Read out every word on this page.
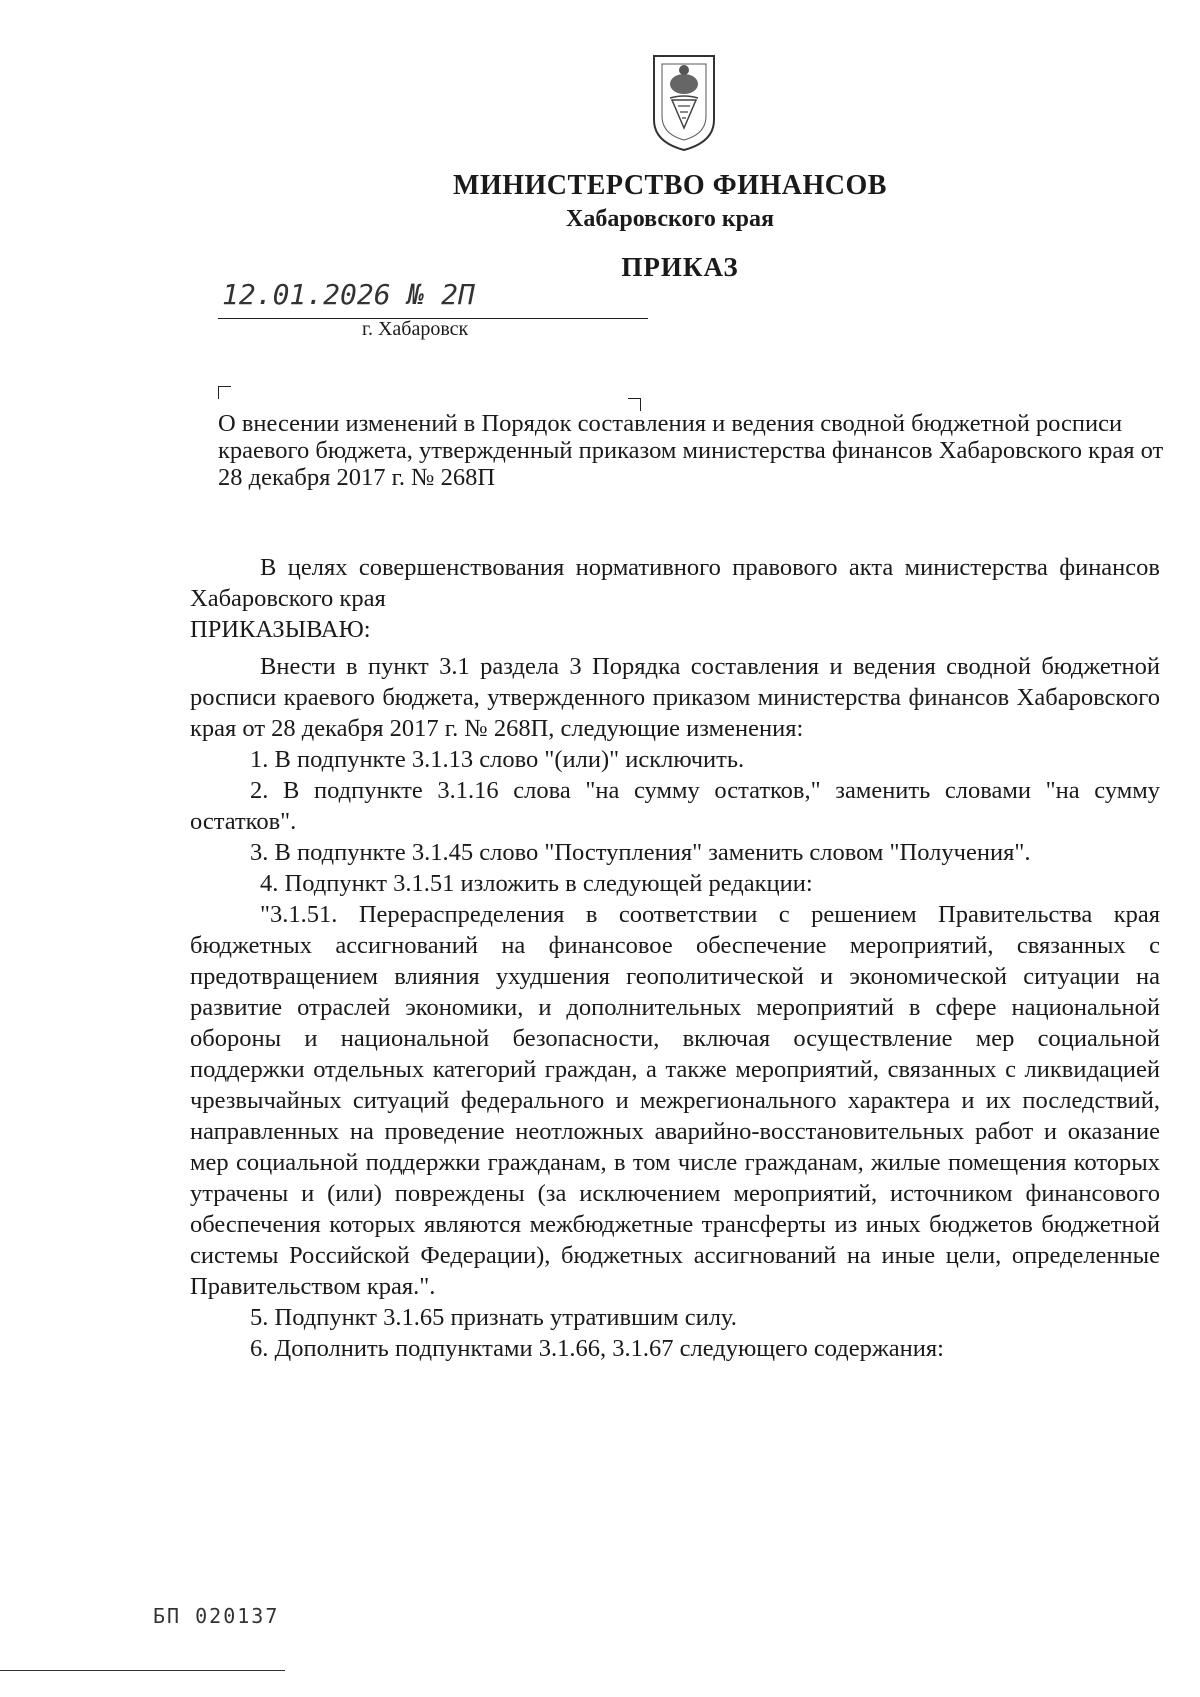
МИНИСТЕРСТВО ФИНАНСОВ
Хабаровского края
ПРИКАЗ
12.01.2026 № 2П
г. Хабаровск
О внесении изменений в Порядок составления и ведения сводной бюджетной росписи краевого бюджета, утвержденный приказом министерства финансов Хабаровского края от 28 декабря 2017 г. № 268П

В целях совершенствования нормативного правового акта министерства финансов Хабаровского края

ПРИКАЗЫВАЮ:

Внести в пункт 3.1 раздела 3 Порядка составления и ведения сводной бюджетной росписи краевого бюджета, утвержденного приказом министерства финансов Хабаровского края от 28 декабря 2017 г. № 268П, следующие изменения:

1. В подпункте 3.1.13 слово "(или)" исключить.

2. В подпункте 3.1.16 слова "на сумму остатков," заменить словами "на сумму остатков".

3. В подпункте 3.1.45 слово "Поступления" заменить словом "Получения".

4. Подпункт 3.1.51 изложить в следующей редакции:

"3.1.51. Перераспределения в соответствии с решением Правительства края бюджетных ассигнований на финансовое обеспечение мероприятий, связанных с предотвращением влияния ухудшения геополитической и экономической ситуации на развитие отраслей экономики, и дополнительных мероприятий в сфере национальной обороны и национальной безопасности, включая осуществление мер социальной поддержки отдельных категорий граждан, а также мероприятий, связанных с ликвидацией чрезвычайных ситуаций федерального и межрегионального характера и их последствий, направленных на проведение неотложных аварийно-восстановительных работ и оказание мер социальной поддержки гражданам, в том числе гражданам, жилые помещения которых утрачены и (или) повреждены (за исключением мероприятий, источником финансового обеспечения которых являются межбюджетные трансферты из иных бюджетов бюджетной системы Российской Федерации), бюджетных ассигнований на иные цели, определенные Правительством края.".

5. Подпункт 3.1.65 признать утратившим силу.

6. Дополнить подпунктами 3.1.66, 3.1.67 следующего содержания:

БП 020137
